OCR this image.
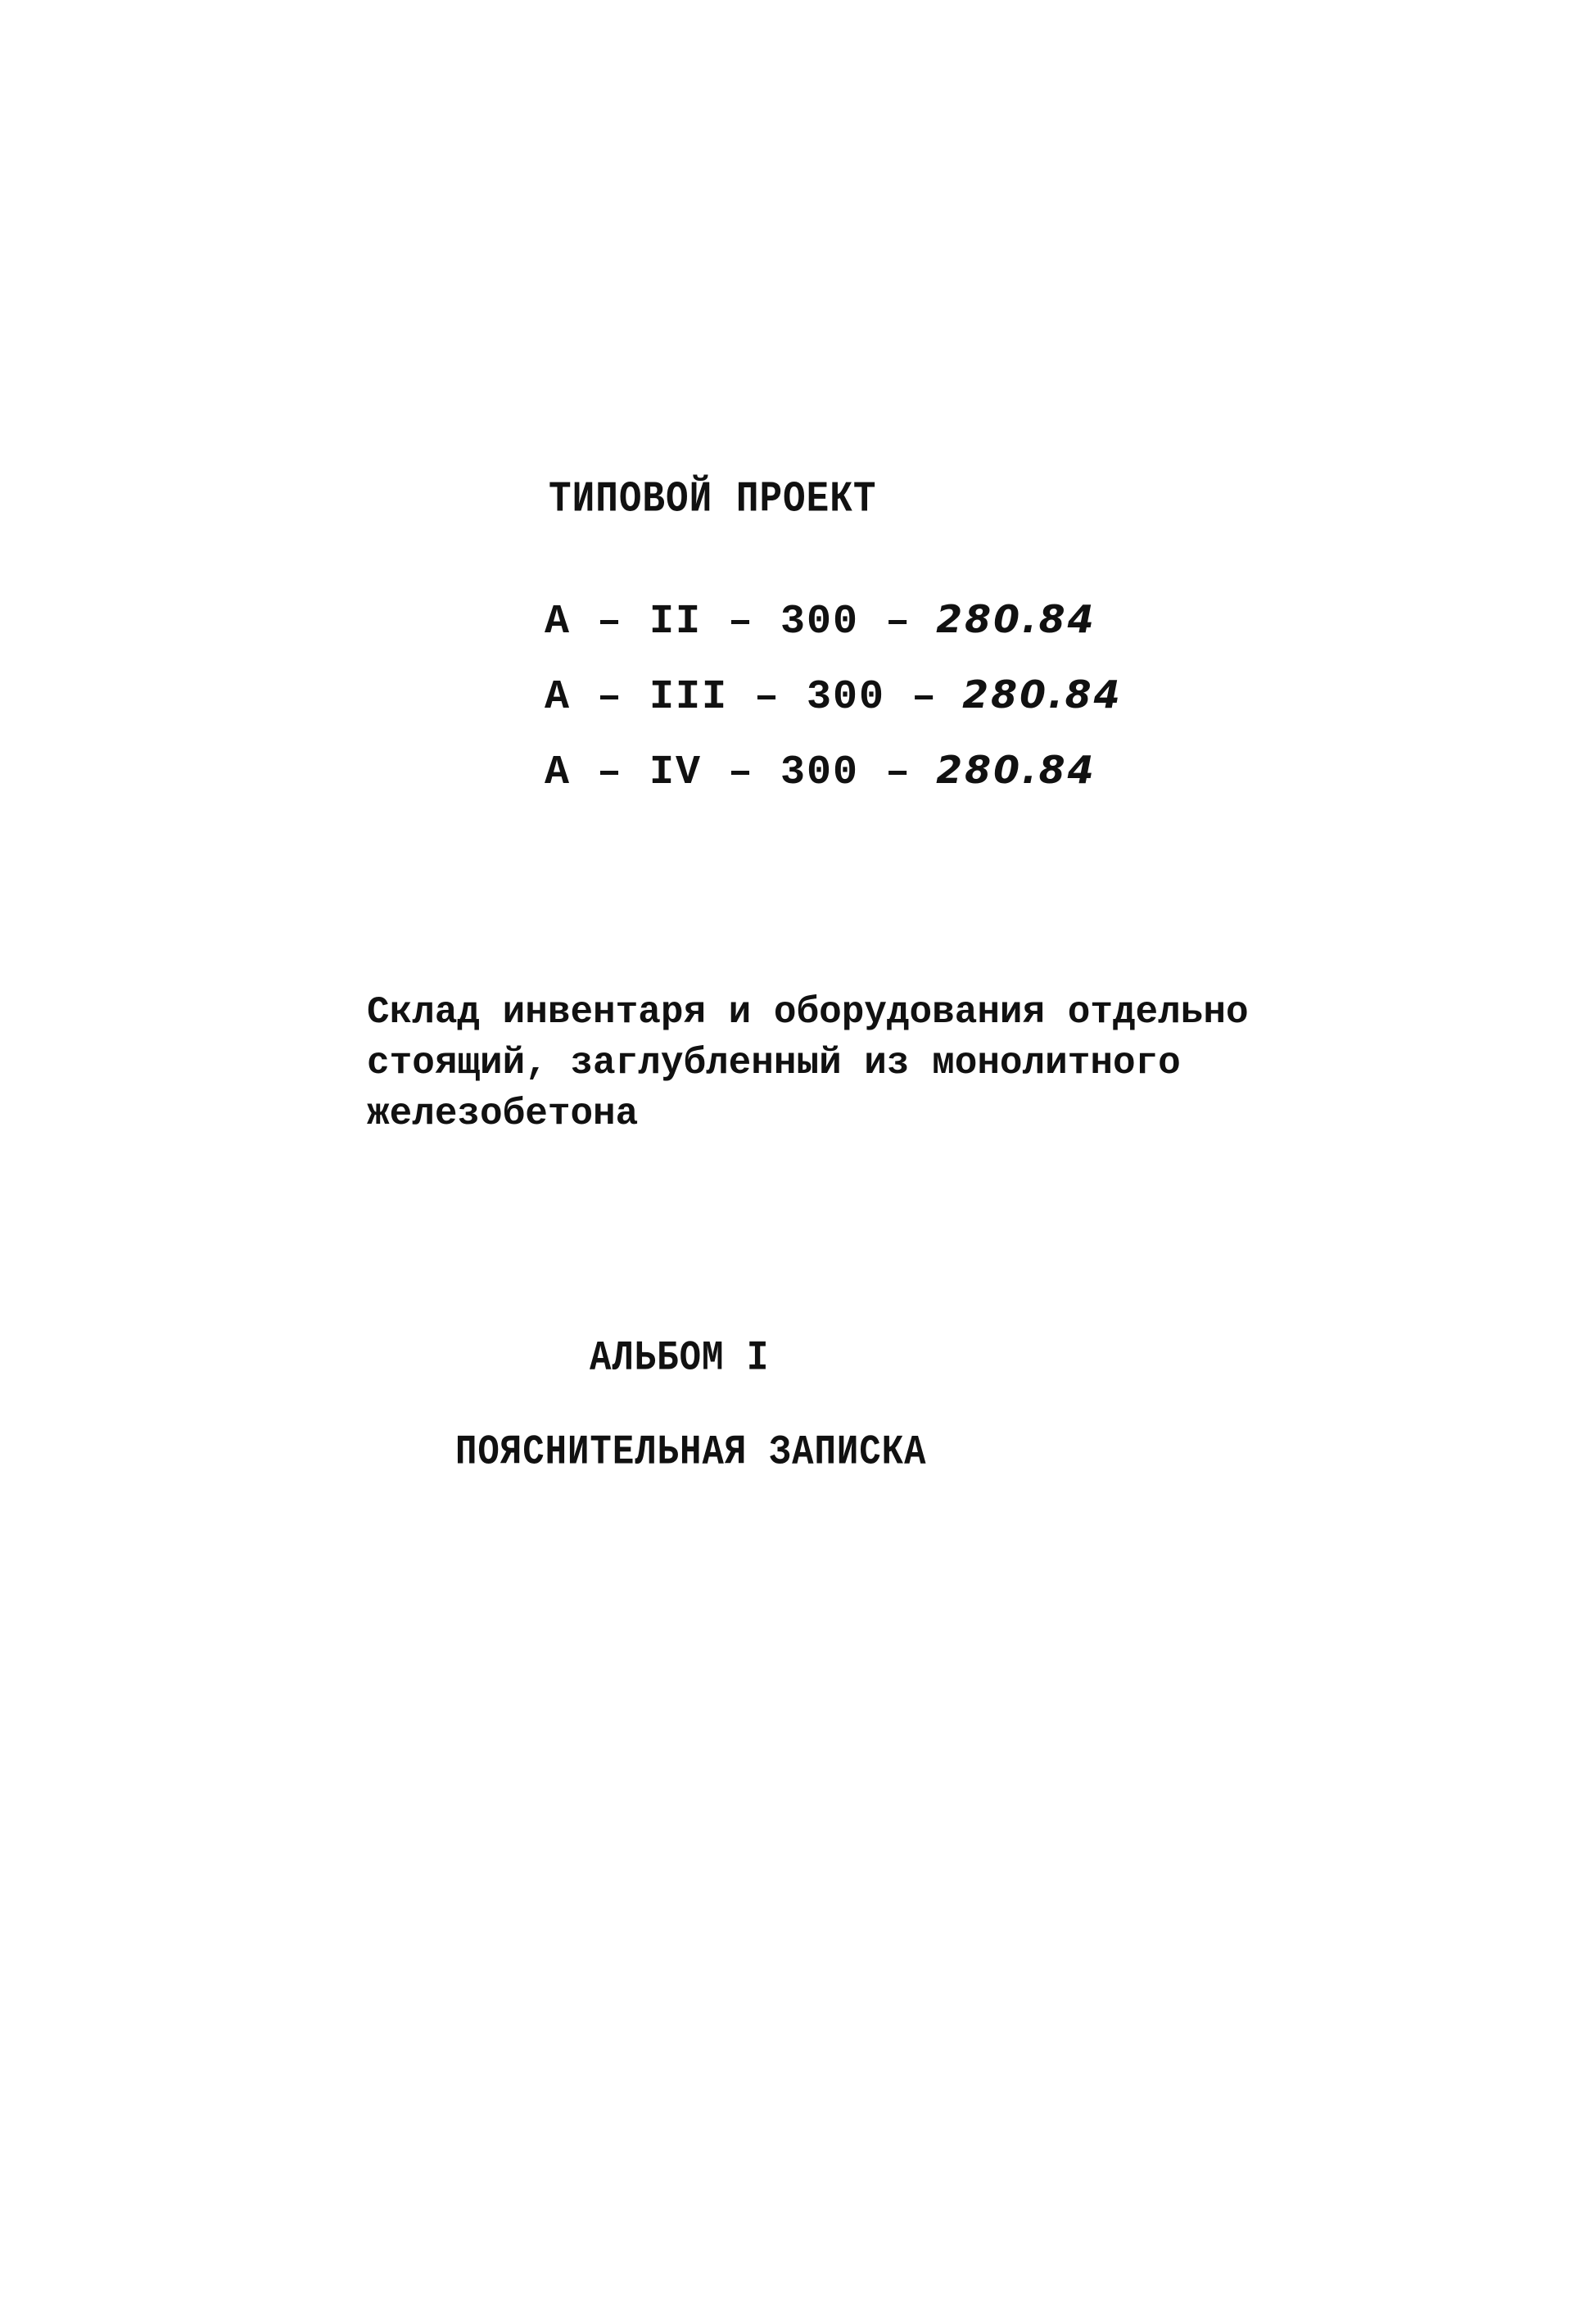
ТИПОВОЙ ПРОЕКТ
А – II – 300 – 280.84
А – III – 300 – 280.84
А – IV – 300 – 280.84
Склад инвентаря и оборудования отдельно
стоящий, заглубленный из монолитного
железобетона
АЛЬБОМ I
ПОЯСНИТЕЛЬНАЯ ЗАПИСКА
